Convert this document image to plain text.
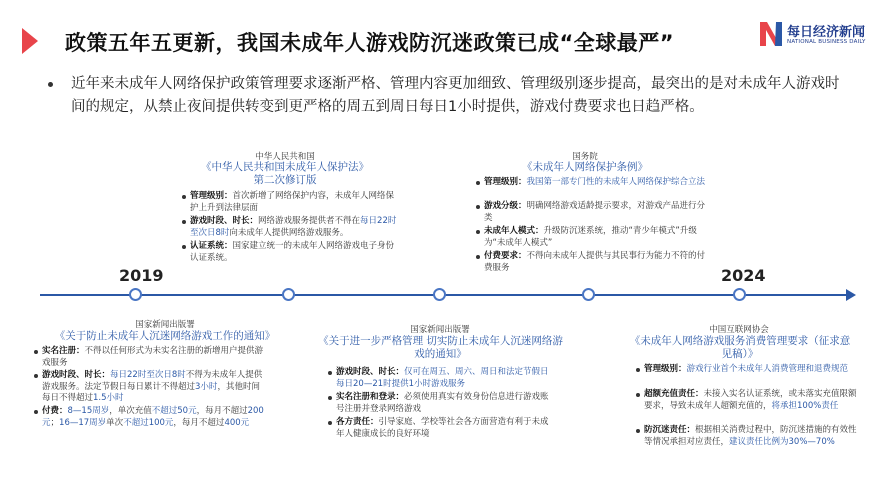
政策五年五更新，我国未成年人游戏防沉迷政策已成“全球最严”	每日经济新闻
NATIONAL BUSINESS DAILY
近年来未成年人网络保护政策管理要求逐渐严格、管理内容更加细致、管理级别逐步提高，最突出的是对未成年人游戏时间的规定，从禁止夜间提供转变到更严格的周五到周日每日1小时提供，游戏付费要求也日趋严格。
2019	2024
中华人民共和国
《中华人民共和国未成年人保护法》
第二次修订版
管理级别：首次新增了网络保护内容，未成年人网络保护上升到法律层面
游戏时段、时长：网络游戏服务提供者不得在每日22时至次日8时向未成年人提供网络游戏服务。
认证系统：国家建立统一的未成年人网络游戏电子身份认证系统。
国务院
《未成年人网络保护条例》
管理级别：我国第一部专门性的未成年人网络保护综合立法
游戏分级：明确网络游戏适龄提示要求，对游戏产品进行分类
未成年人模式：升级防沉迷系统，推动“青少年模式”升级为“未成年人模式”
付费要求：不得向未成年人提供与其民事行为能力不符的付费服务
国家新闻出版署
《关于防止未成年人沉迷网络游戏工作的通知》
实名注册：不得以任何形式为未实名注册的新增用户提供游戏服务
游戏时段、时长：每日22时至次日8时不得为未成年人提供游戏服务。法定节假日每日累计不得超过3小时，其他时间每日不得超过1.5小时
付费：8—15周岁，单次充值不超过50元，每月不超过200元；16—17周岁单次不超过100元，每月不超过400元
国家新闻出版署
《关于进一步严格管理 切实防止未成年人沉迷网络游戏的通知》
游戏时段、时长：仅可在周五、周六、周日和法定节假日每日20—21时提供1小时游戏服务
实名注册和登录：必须使用真实有效身份信息进行游戏账号注册并登录网络游戏
各方责任：引导家庭、学校等社会各方面营造有利于未成年人健康成长的良好环境
中国互联网协会
《未成年人网络游戏服务消费管理要求（征求意见稿）》
管理级别：游戏行业首个未成年人消费管理和退费规范
超额充值责任：未接入实名认证系统，或未落实充值限额要求，导致未成年人超额充值的，将承担100%责任
防沉迷责任：根据相关消费过程中，防沉迷措施的有效性等情况承担对应责任，建议责任比例为30%—70%
